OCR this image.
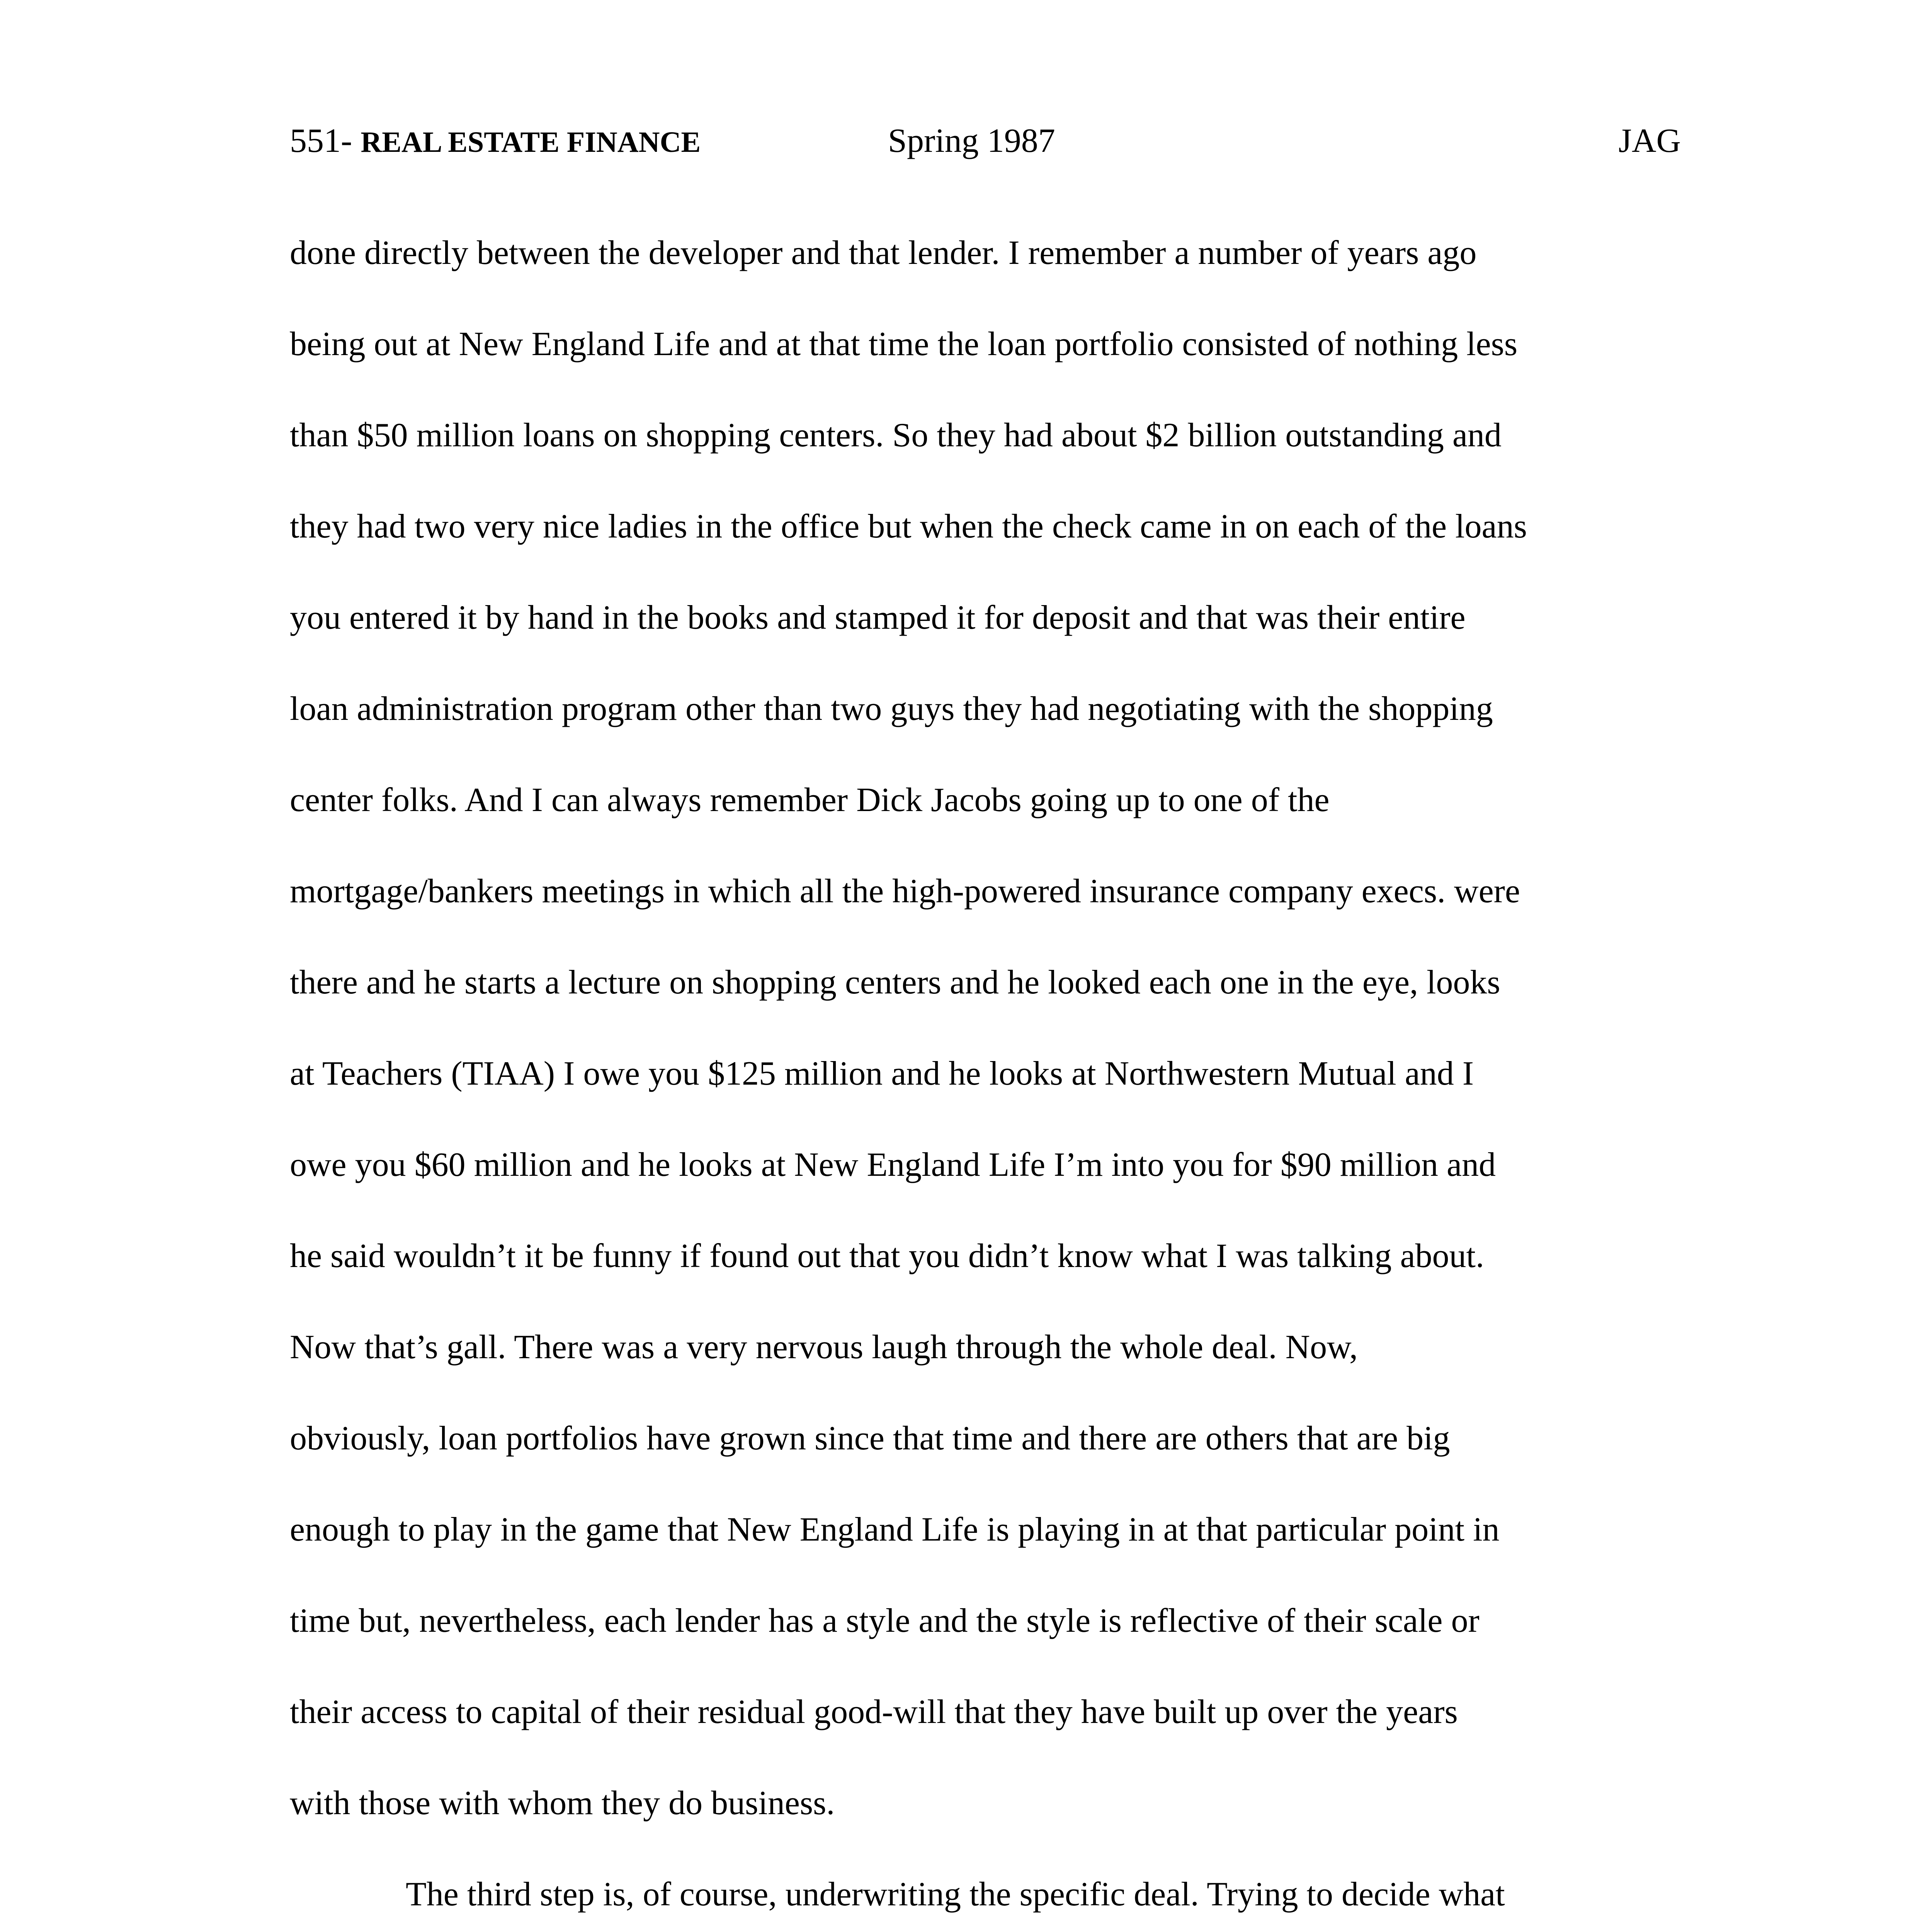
551- REAL ESTATE FINANCE	Spring 1987	JAG
done directly between the developer and that lender. I remember a number of years ago
being out at New England Life and at that time the loan portfolio consisted of nothing less
than $50 million loans on shopping centers. So they had about $2 billion outstanding and
they had two very nice ladies in the office but when the check came in on each of the loans
you entered it by hand in the books and stamped it for deposit and that was their entire
loan administration program other than two guys they had negotiating with the shopping
center folks. And I can always remember Dick Jacobs going up to one of the
mortgage/bankers meetings in which all the high-powered insurance company execs. were
there and he starts a lecture on shopping centers and he looked each one in the eye, looks
at Teachers (TIAA) I owe you $125 million and he looks at Northwestern Mutual and I
owe you $60 million and he looks at New England Life I’m into you for $90 million and
he said wouldn’t it be funny if found out that you didn’t know what I was talking about.
Now that’s gall. There was a very nervous laugh through the whole deal. Now,
obviously, loan portfolios have grown since that time and there are others that are big
enough to play in the game that New England Life is playing in at that particular point in
time but, nevertheless, each lender has a style and the style is reflective of their scale or
their access to capital of their residual good-will that they have built up over the years
with those with whom they do business.
The third step is, of course, underwriting the specific deal. Trying to decide what
